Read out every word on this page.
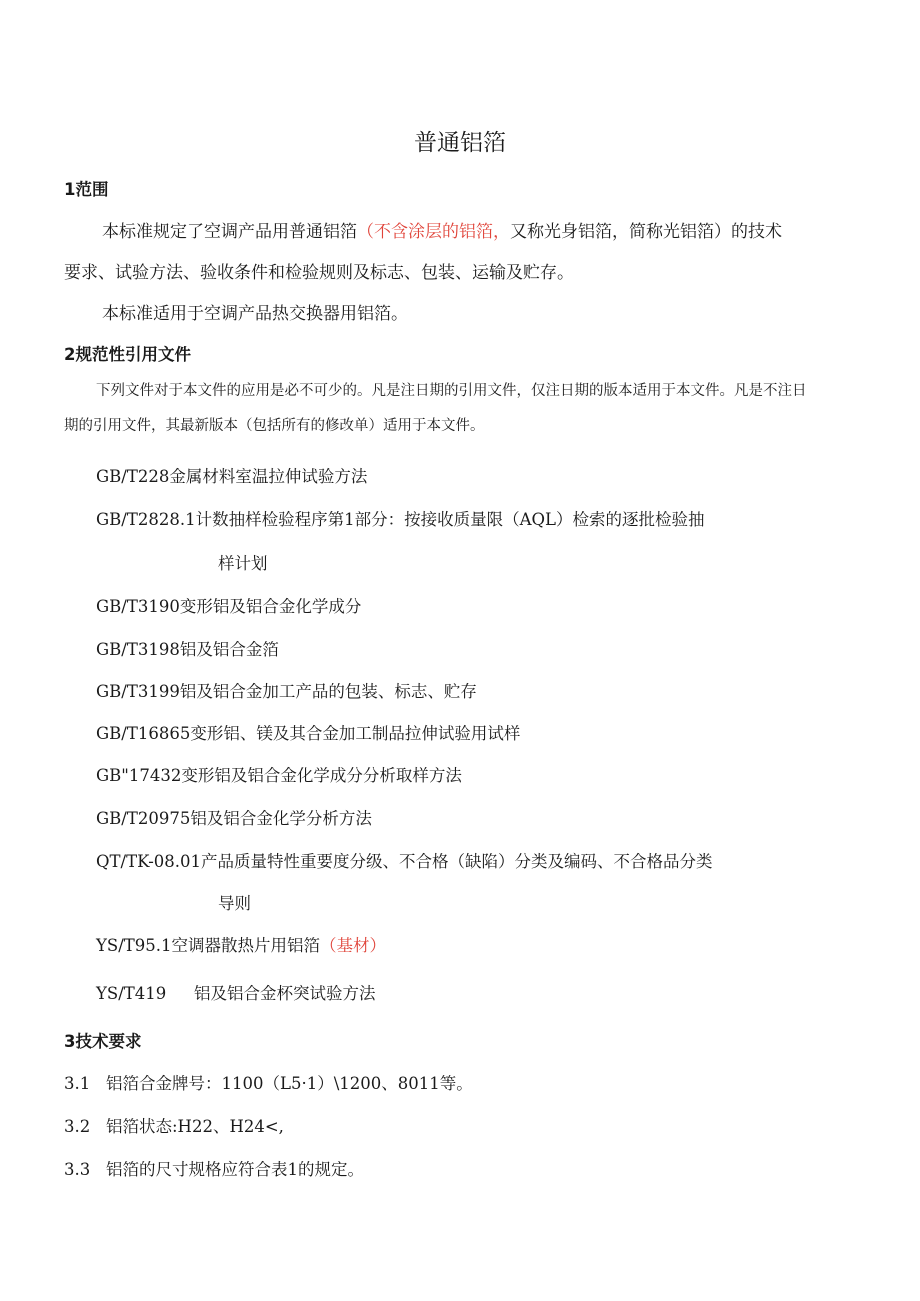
普通铝箔
1范围
本标准规定了空调产品用普通铝箔（不含涂层的铝箔，又称光身铝箔，简称光铝箔）的技术
要求、试验方法、验收条件和检验规则及标志、包装、运输及贮存。
本标准适用于空调产品热交换器用铝箔。
2规范性引用文件
下列文件对于本文件的应用是必不可少的。凡是注日期的引用文件，仅注日期的版本适用于本文件。凡是不注日
期的引用文件，其最新版本（包括所有的修改单）适用于本文件。
GB/T228金属材料室温拉伸试验方法
GB/T2828.1计数抽样检验程序第1部分：按接收质量限（AQL）检索的逐批检验抽
样计划
GB/T3190变形铝及铝合金化学成分
GB/T3198铝及铝合金箔
GB/T3199铝及铝合金加工产品的包装、标志、贮存
GB/T16865变形铝、镁及其合金加工制品拉伸试验用试样
GB"17432变形铝及铝合金化学成分分析取样方法
GB/T20975铝及铝合金化学分析方法
QT/TK-08.01产品质量特性重要度分级、不合格（缺陷）分类及编码、不合格品分类
导则
YS/T95.1空调器散热片用铝箔（基材）
YS/T419 铝及铝合金杯突试验方法
3技术要求
3.1 铝箔合金牌号：1100（L5·1）\1200、8011等。
3.2 铝箔状态:H22、H24<,
3.3 铝箔的尺寸规格应符合表1的规定。
